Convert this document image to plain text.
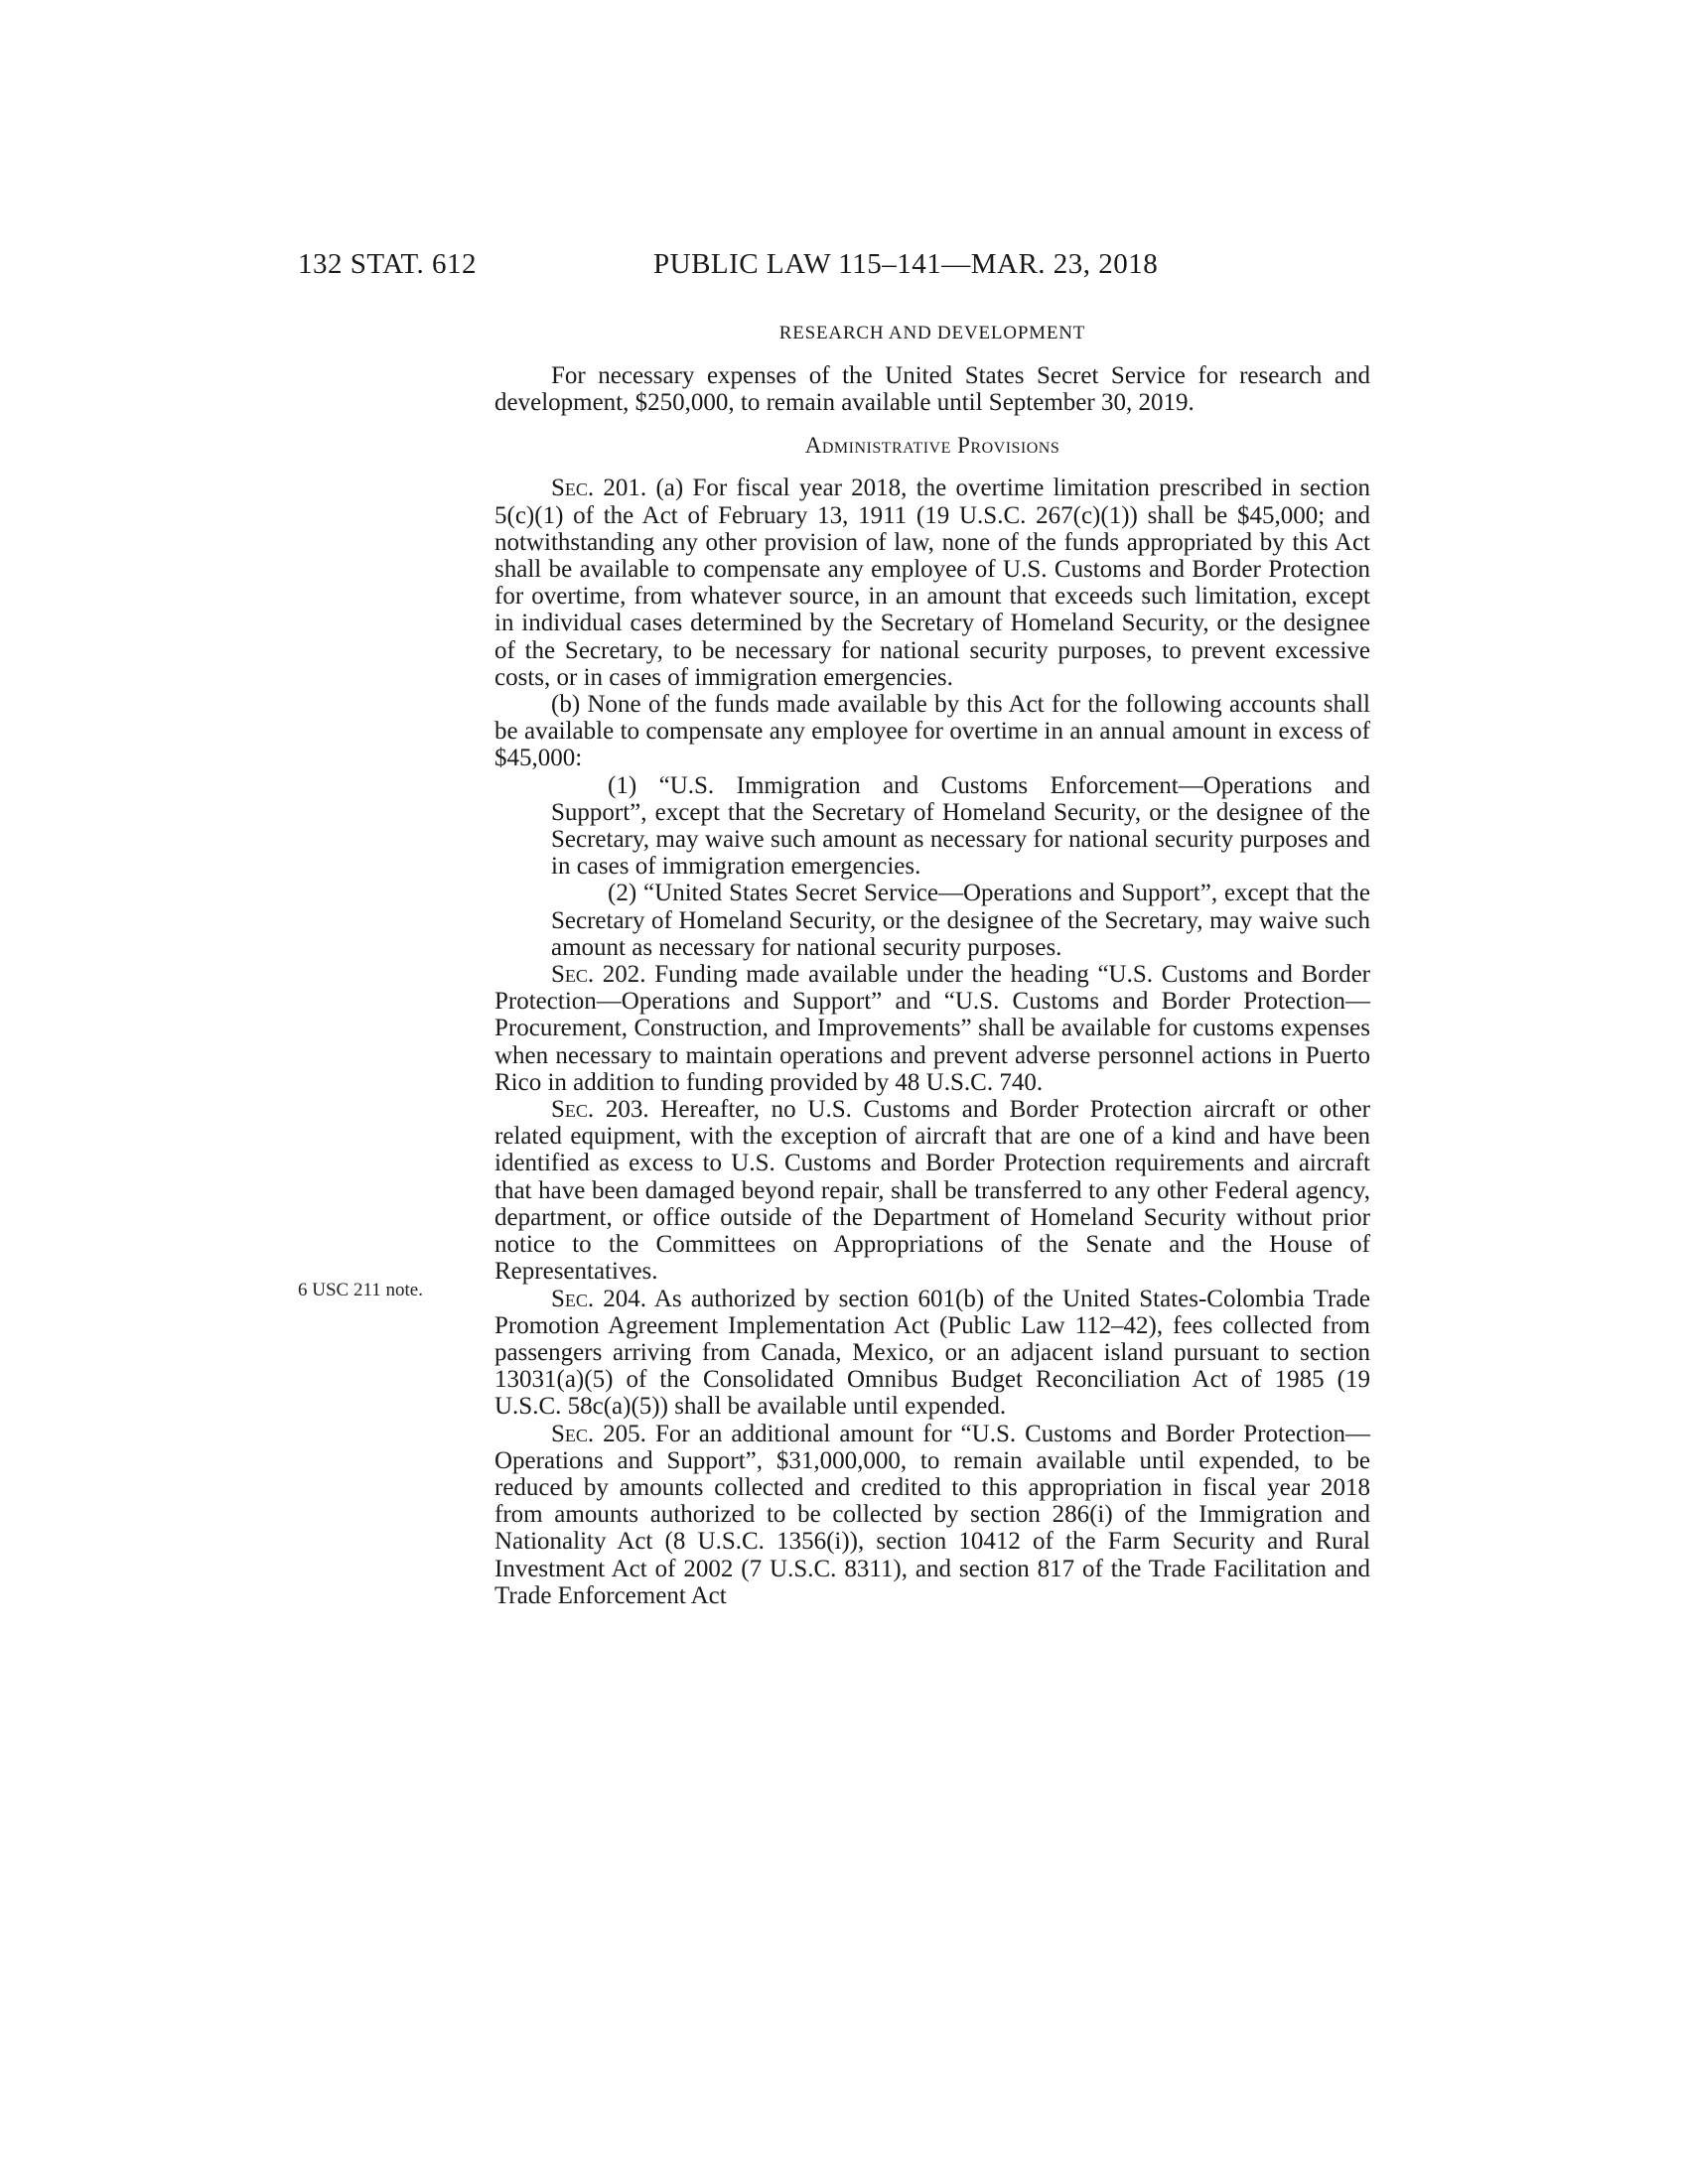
132 STAT. 612	PUBLIC LAW 115–141—MAR. 23, 2018
6 USC 211 note.
RESEARCH AND DEVELOPMENT

For necessary expenses of the United States Secret Service for research and development, $250,000, to remain available until September 30, 2019.

Administrative Provisions

Sec. 201. (a) For fiscal year 2018, the overtime limitation prescribed in section 5(c)(1) of the Act of February 13, 1911 (19 U.S.C. 267(c)(1)) shall be $45,000; and notwithstanding any other provision of law, none of the funds appropriated by this Act shall be available to compensate any employee of U.S. Customs and Border Protection for overtime, from whatever source, in an amount that exceeds such limitation, except in individual cases determined by the Secretary of Homeland Security, or the designee of the Secretary, to be necessary for national security purposes, to prevent excessive costs, or in cases of immigration emergencies.

(b) None of the funds made available by this Act for the following accounts shall be available to compensate any employee for overtime in an annual amount in excess of $45,000:

(1) “U.S. Immigration and Customs Enforcement—Operations and Support”, except that the Secretary of Homeland Security, or the designee of the Secretary, may waive such amount as necessary for national security purposes and in cases of immigration emergencies.

(2) “United States Secret Service—Operations and Support”, except that the Secretary of Homeland Security, or the designee of the Secretary, may waive such amount as necessary for national security purposes.

Sec. 202. Funding made available under the heading “U.S. Customs and Border Protection—Operations and Support” and “U.S. Customs and Border Protection—Procurement, Construction, and Improvements” shall be available for customs expenses when necessary to maintain operations and prevent adverse personnel actions in Puerto Rico in addition to funding provided by 48 U.S.C. 740.

Sec. 203. Hereafter, no U.S. Customs and Border Protection aircraft or other related equipment, with the exception of aircraft that are one of a kind and have been identified as excess to U.S. Customs and Border Protection requirements and aircraft that have been damaged beyond repair, shall be transferred to any other Federal agency, department, or office outside of the Department of Homeland Security without prior notice to the Committees on Appropriations of the Senate and the House of Representatives.

Sec. 204. As authorized by section 601(b) of the United States-Colombia Trade Promotion Agreement Implementation Act (Public Law 112–42), fees collected from passengers arriving from Canada, Mexico, or an adjacent island pursuant to section 13031(a)(5) of the Consolidated Omnibus Budget Reconciliation Act of 1985 (19 U.S.C. 58c(a)(5)) shall be available until expended.

Sec. 205. For an additional amount for “U.S. Customs and Border Protection—Operations and Support”, $31,000,000, to remain available until expended, to be reduced by amounts collected and credited to this appropriation in fiscal year 2018 from amounts authorized to be collected by section 286(i) of the Immigration and Nationality Act (8 U.S.C. 1356(i)), section 10412 of the Farm Security and Rural Investment Act of 2002 (7 U.S.C. 8311), and section 817 of the Trade Facilitation and Trade Enforcement Act
